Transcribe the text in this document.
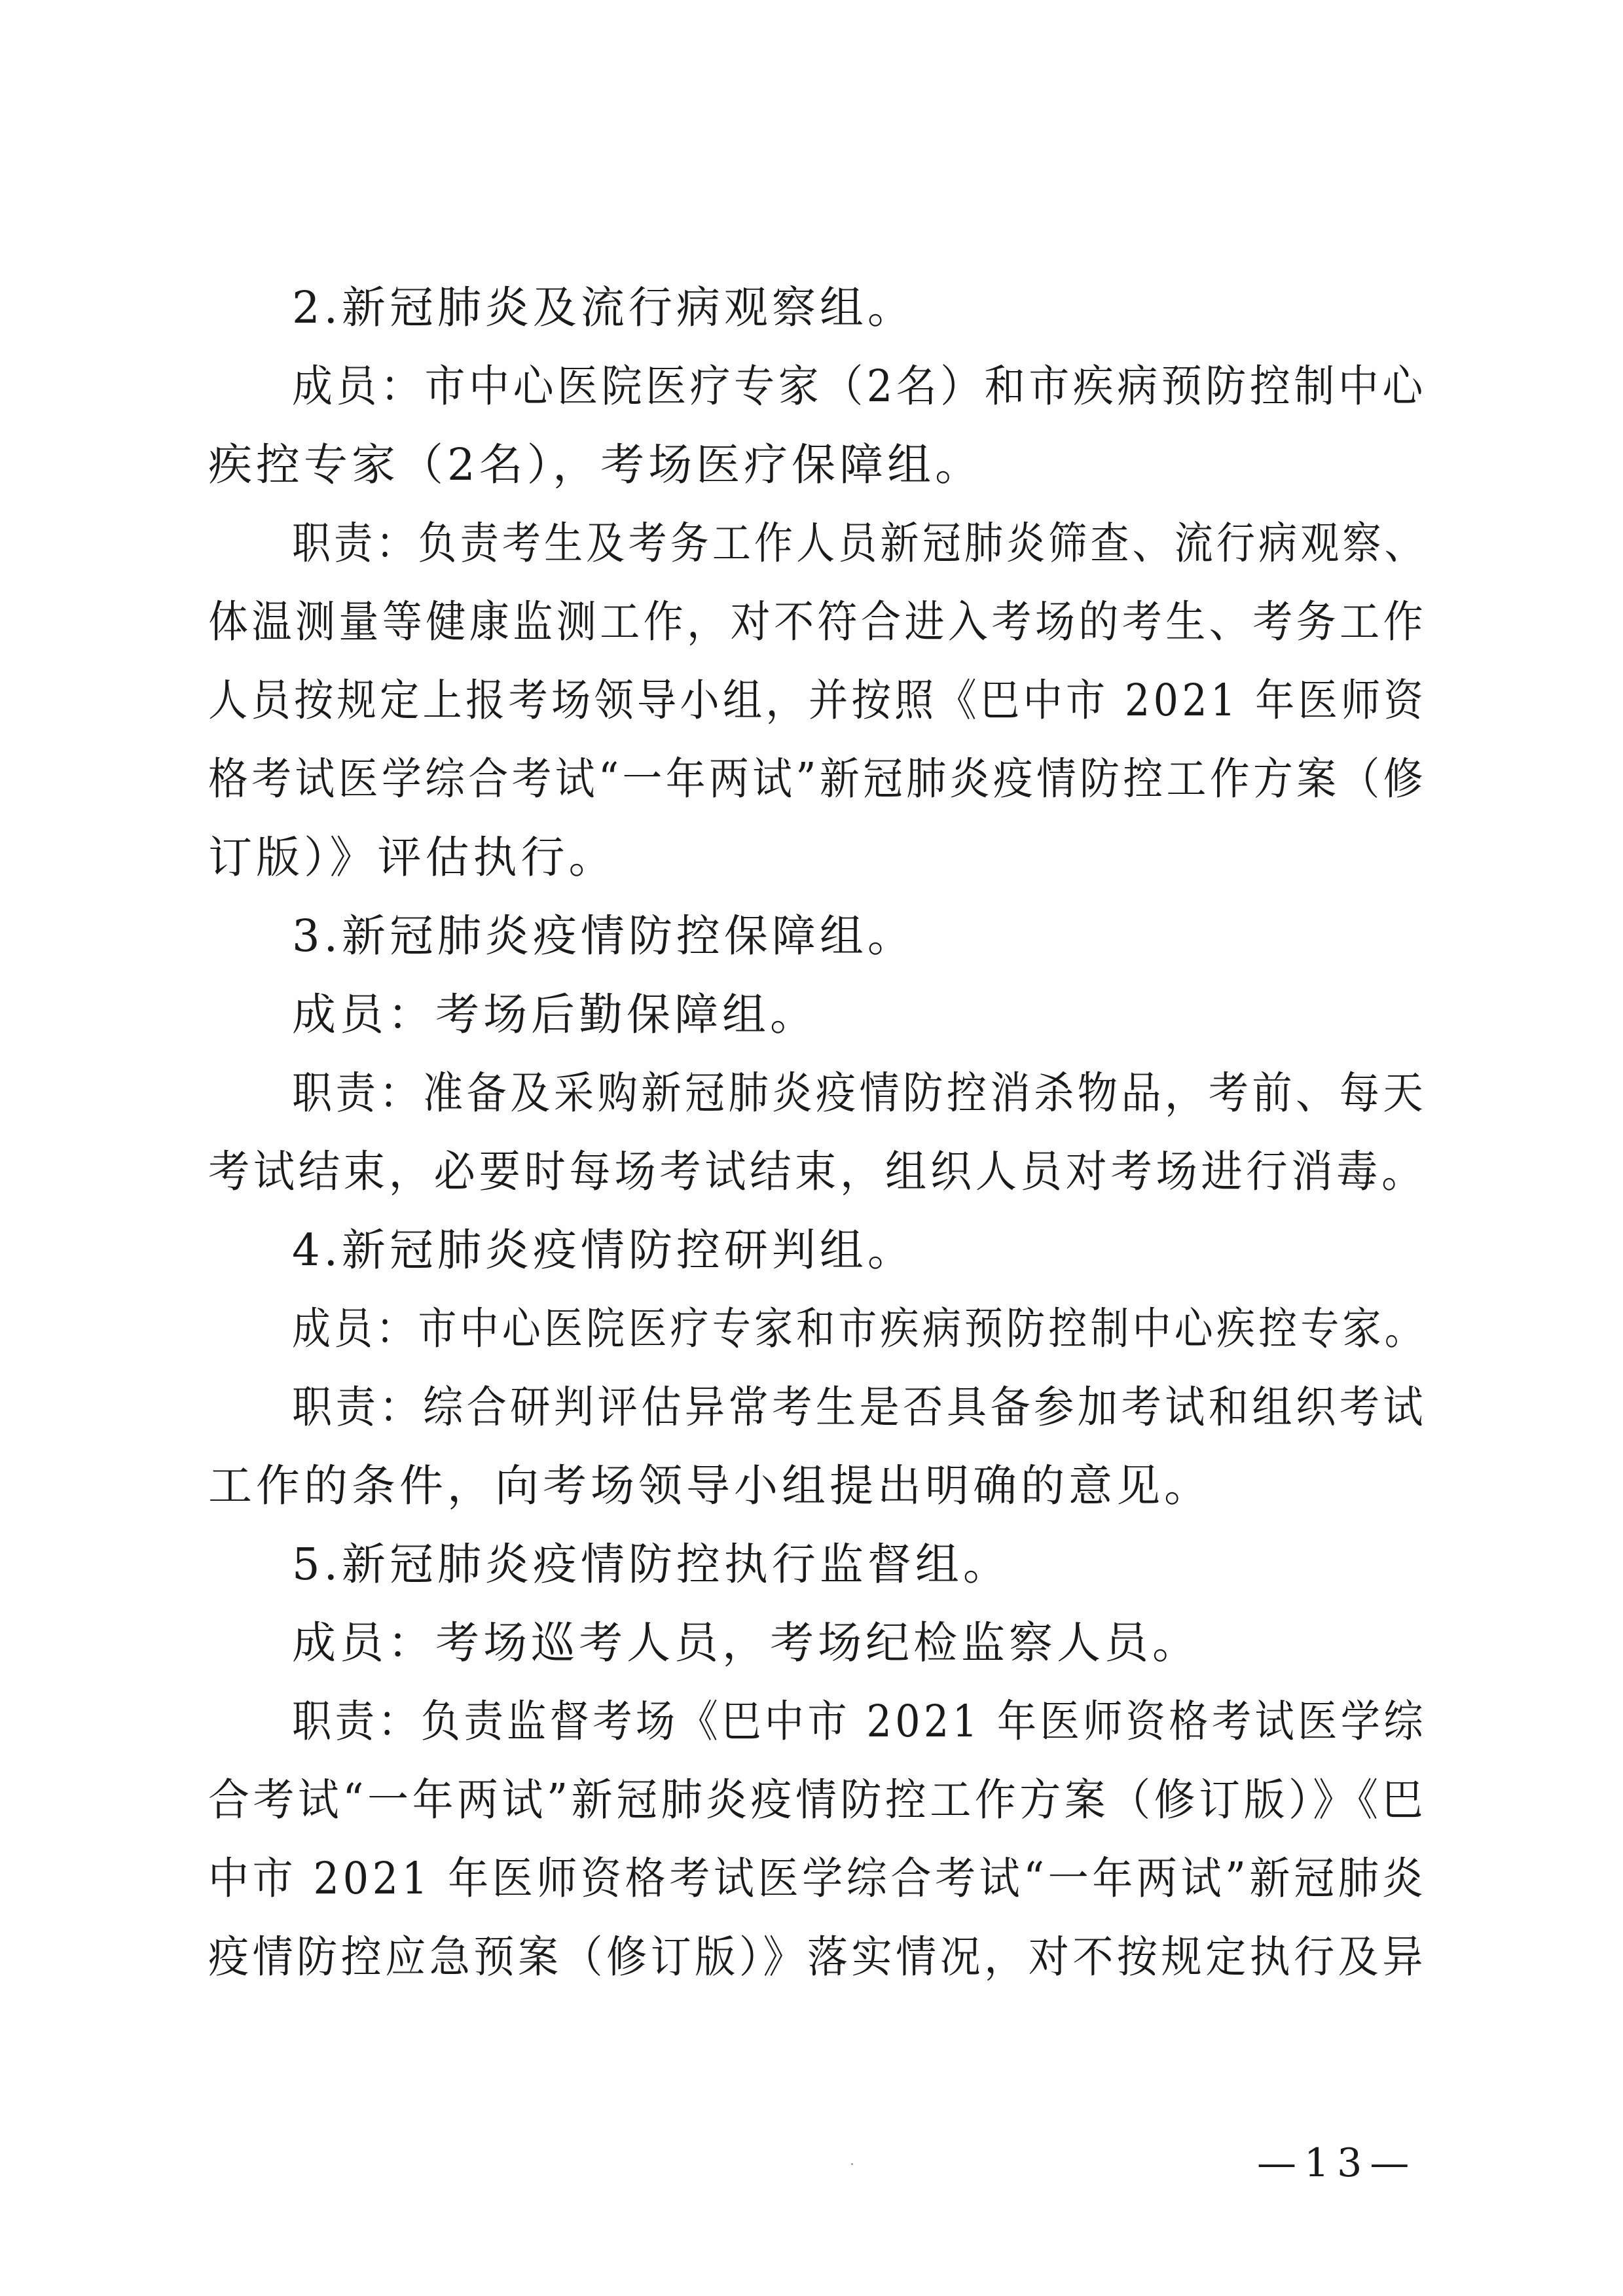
2.新冠肺炎及流行病观察组。
成员：市中心医院医疗专家（2名）和市疾病预防控制中心
疾控专家（2名），考场医疗保障组。
职责：负责考生及考务工作人员新冠肺炎筛查、流行病观察、
体温测量等健康监测工作，对不符合进入考场的考生、考务工作
人员按规定上报考场领导小组，并按照《巴中市 2021 年医师资
格考试医学综合考试“一年两试”新冠肺炎疫情防控工作方案（修
订版）》评估执行。
3.新冠肺炎疫情防控保障组。
成员：考场后勤保障组。
职责：准备及采购新冠肺炎疫情防控消杀物品，考前、每天
考试结束，必要时每场考试结束，组织人员对考场进行消毒。
4.新冠肺炎疫情防控研判组。
成员：市中心医院医疗专家和市疾病预防控制中心疾控专家。
职责：综合研判评估异常考生是否具备参加考试和组织考试
工作的条件，向考场领导小组提出明确的意见。
5.新冠肺炎疫情防控执行监督组。
成员：考场巡考人员，考场纪检监察人员。
职责：负责监督考场《巴中市 2021 年医师资格考试医学综
合考试“一年两试”新冠肺炎疫情防控工作方案（修订版）》《巴
中市 2021 年医师资格考试医学综合考试“一年两试”新冠肺炎
疫情防控应急预案（修订版）》落实情况，对不按规定执行及异
—13—
